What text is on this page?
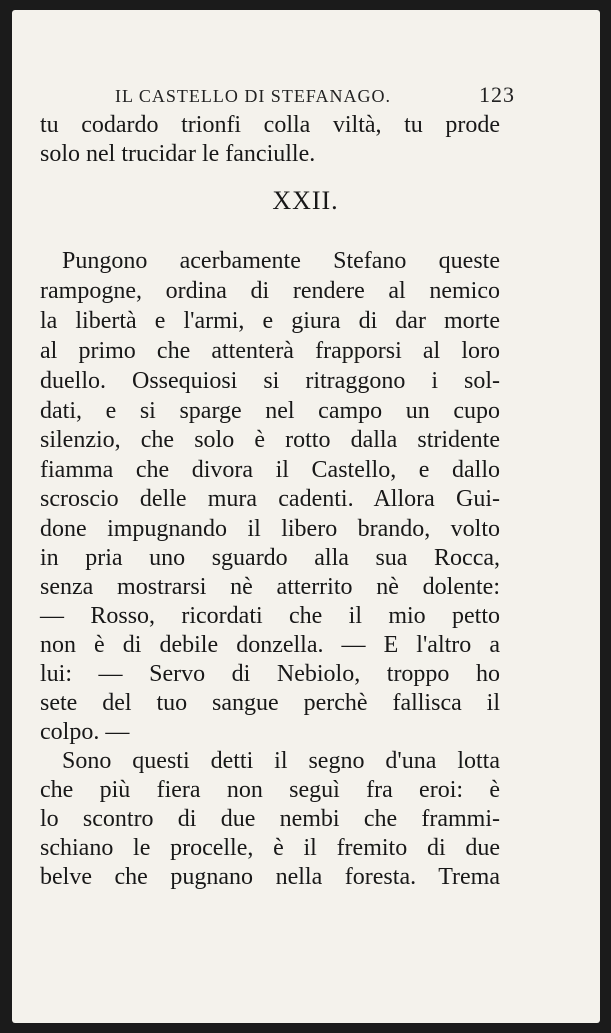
IL CASTELLO DI STEFANAGO.	123
tu codardo trionfi colla viltà, tu prode
solo nel trucidar le fanciulle.
XXII.
Pungono acerbamente Stefano queste
rampogne, ordina di rendere al nemico
la libertà e l'armi, e giura di dar morte
al primo che attenterà frapporsi al loro
duello. Ossequiosi si ritraggono i sol-
dati, e si sparge nel campo un cupo
silenzio, che solo è rotto dalla stridente
fiamma che divora il Castello, e dallo
scroscio delle mura cadenti. Allora Gui-
done impugnando il libero brando, volto
in pria uno sguardo alla sua Rocca,
senza mostrarsi nè atterrito nè dolente:
— Rosso, ricordati che il mio petto
non è di debile donzella. — E l'altro a
lui: — Servo di Nebiolo, troppo ho
sete del tuo sangue perchè fallisca il
colpo. —
Sono questi detti il segno d'una lotta
che più fiera non seguì fra eroi: è
lo scontro di due nembi che frammi-
schiano le procelle, è il fremito di due
belve che pugnano nella foresta. Trema
